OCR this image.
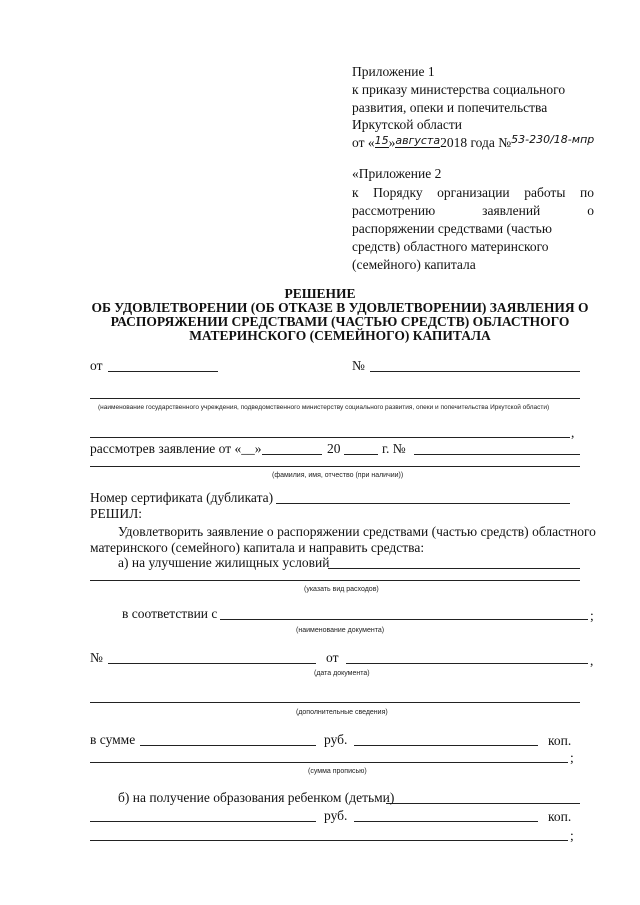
Приложение 1
к приказу министерства социального
развития, опеки и попечительства
Иркутской области
от «$^{15}$»$^{августа}$2018 года №$^{53-230/18-мпр}$
«Приложение 2
к Порядку организации работы по
рассмотрению	заявлений	о
распоряжении средствами (частью
средств) областного материнского
(семейного) капитала
РЕШЕНИЕ
ОБ УДОВЛЕТВОРЕНИИ (ОБ ОТКАЗЕ В УДОВЛЕТВОРЕНИИ) ЗАЯВЛЕНИЯ О
РАСПОРЯЖЕНИИ СРЕДСТВАМИ (ЧАСТЬЮ СРЕДСТВ) ОБЛАСТНОГО
МАТЕРИНСКОГО (СЕМЕЙНОГО) КАПИТАЛА
от	№
(наименование государственного учреждения, подведомственного министерству социального развития, опеки и попечительства Иркутской области)
,
рассмотрев заявление от «__»	20	г. №
(фамилия, имя, отчество (при наличии))
Номер сертификата (дубликата)
РЕШИЛ:
Удовлетворить заявление о распоряжении средствами (частью средств) областного
материнского (семейного) капитала и направить средства:
а) на улучшение жилищных условий
(указать вид расходов)
в соответствии с	;
(наименование документа)
№	от	,
(дата документа)
(дополнительные сведения)
в сумме	руб.	коп.
;
(сумма прописью)
б) на получение образования ребенком (детьми)
руб.	коп.
;
